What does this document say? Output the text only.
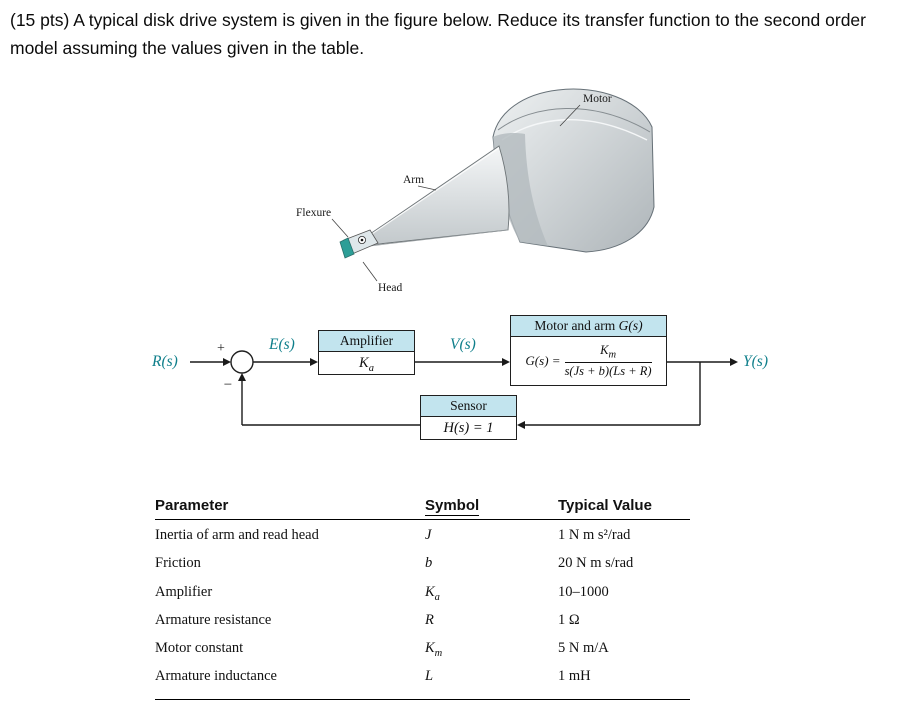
(15 pts) A typical disk drive system is given in the figure below. Reduce its transfer function to the second order model assuming the values given in the table.
Motor
Arm
Flexure
Head
+
−
R(s)
E(s)	V(s)
Y(s)
Amplifier
$K_a$
Motor and arm G(s)
$G(s) = \frac{K_m}{s(Js + b)(Ls + R)}$
Sensor
H(s) = 1
Parameter	Symbol	Typical Value
Inertia of arm and read head	J	1 N m s²/rad
Friction	b	20 N m s/rad
Amplifier	$K_a$	10–1000
Armature resistance	R	1 Ω
Motor constant	$K_m$	5 N m/A
Armature inductance	L	1 mH
